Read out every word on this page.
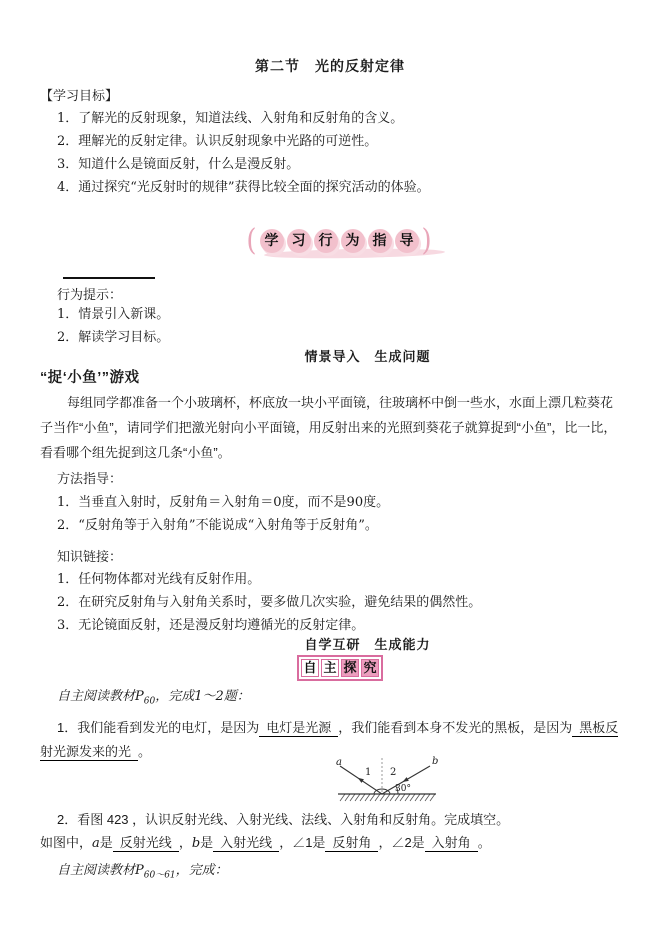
第二节　光的反射定律
【学习目标】
1．了解光的反射现象，知道法线、入射角和反射角的含义。
2．理解光的反射定律。认识反射现象中光路的可逆性。
3．知道什么是镜面反射，什么是漫反射。
4．通过探究“光反射时的规律”获得比较全面的探究活动的体验。
( 学 习 行 为 指 导 )
行为提示：
1．情景引入新课。
2．解读学习目标。
情景导入　生成问题
“捉‘小鱼’”游戏
每组同学都准备一个小玻璃杯，杯底放一块小平面镜，往玻璃杯中倒一些水，水面上漂几粒葵花子当作“小鱼”，请同学们把激光射向小平面镜，用反射出来的光照到葵花子就算捉到“小鱼”，比一比，看看哪个组先捉到这几条“小鱼”。
方法指导：
1．当垂直入射时，反射角＝入射角＝0度，而不是90度。
2．“反射角等于入射角”不能说成“入射角等于反射角”。
知识链接：
1．任何物体都对光线有反射作用。
2．在研究反射角与入射角关系时，要多做几次实验，避免结果的偶然性。
3．无论镜面反射，还是漫反射均遵循光的反射定律。
自学互研　生成能力
自 主 探 究
自主阅读教材$P_{60}$，完成1～2题：
1．我们能看到发光的电灯，是因为 电灯是光源 ，我们能看到本身不发光的黑板，是因为 黑板反射光源发来的光 。
a	b
1 2
30°
2．看图 423 ，认识反射光线、入射光线、法线、入射角和反射角。完成填空。
如图中，a是 反射光线 ，b是 入射光线 ，∠1是 反射角 ，∠2是 入射角 。
自主阅读教材$P_{60\sim 61}$，完成：
